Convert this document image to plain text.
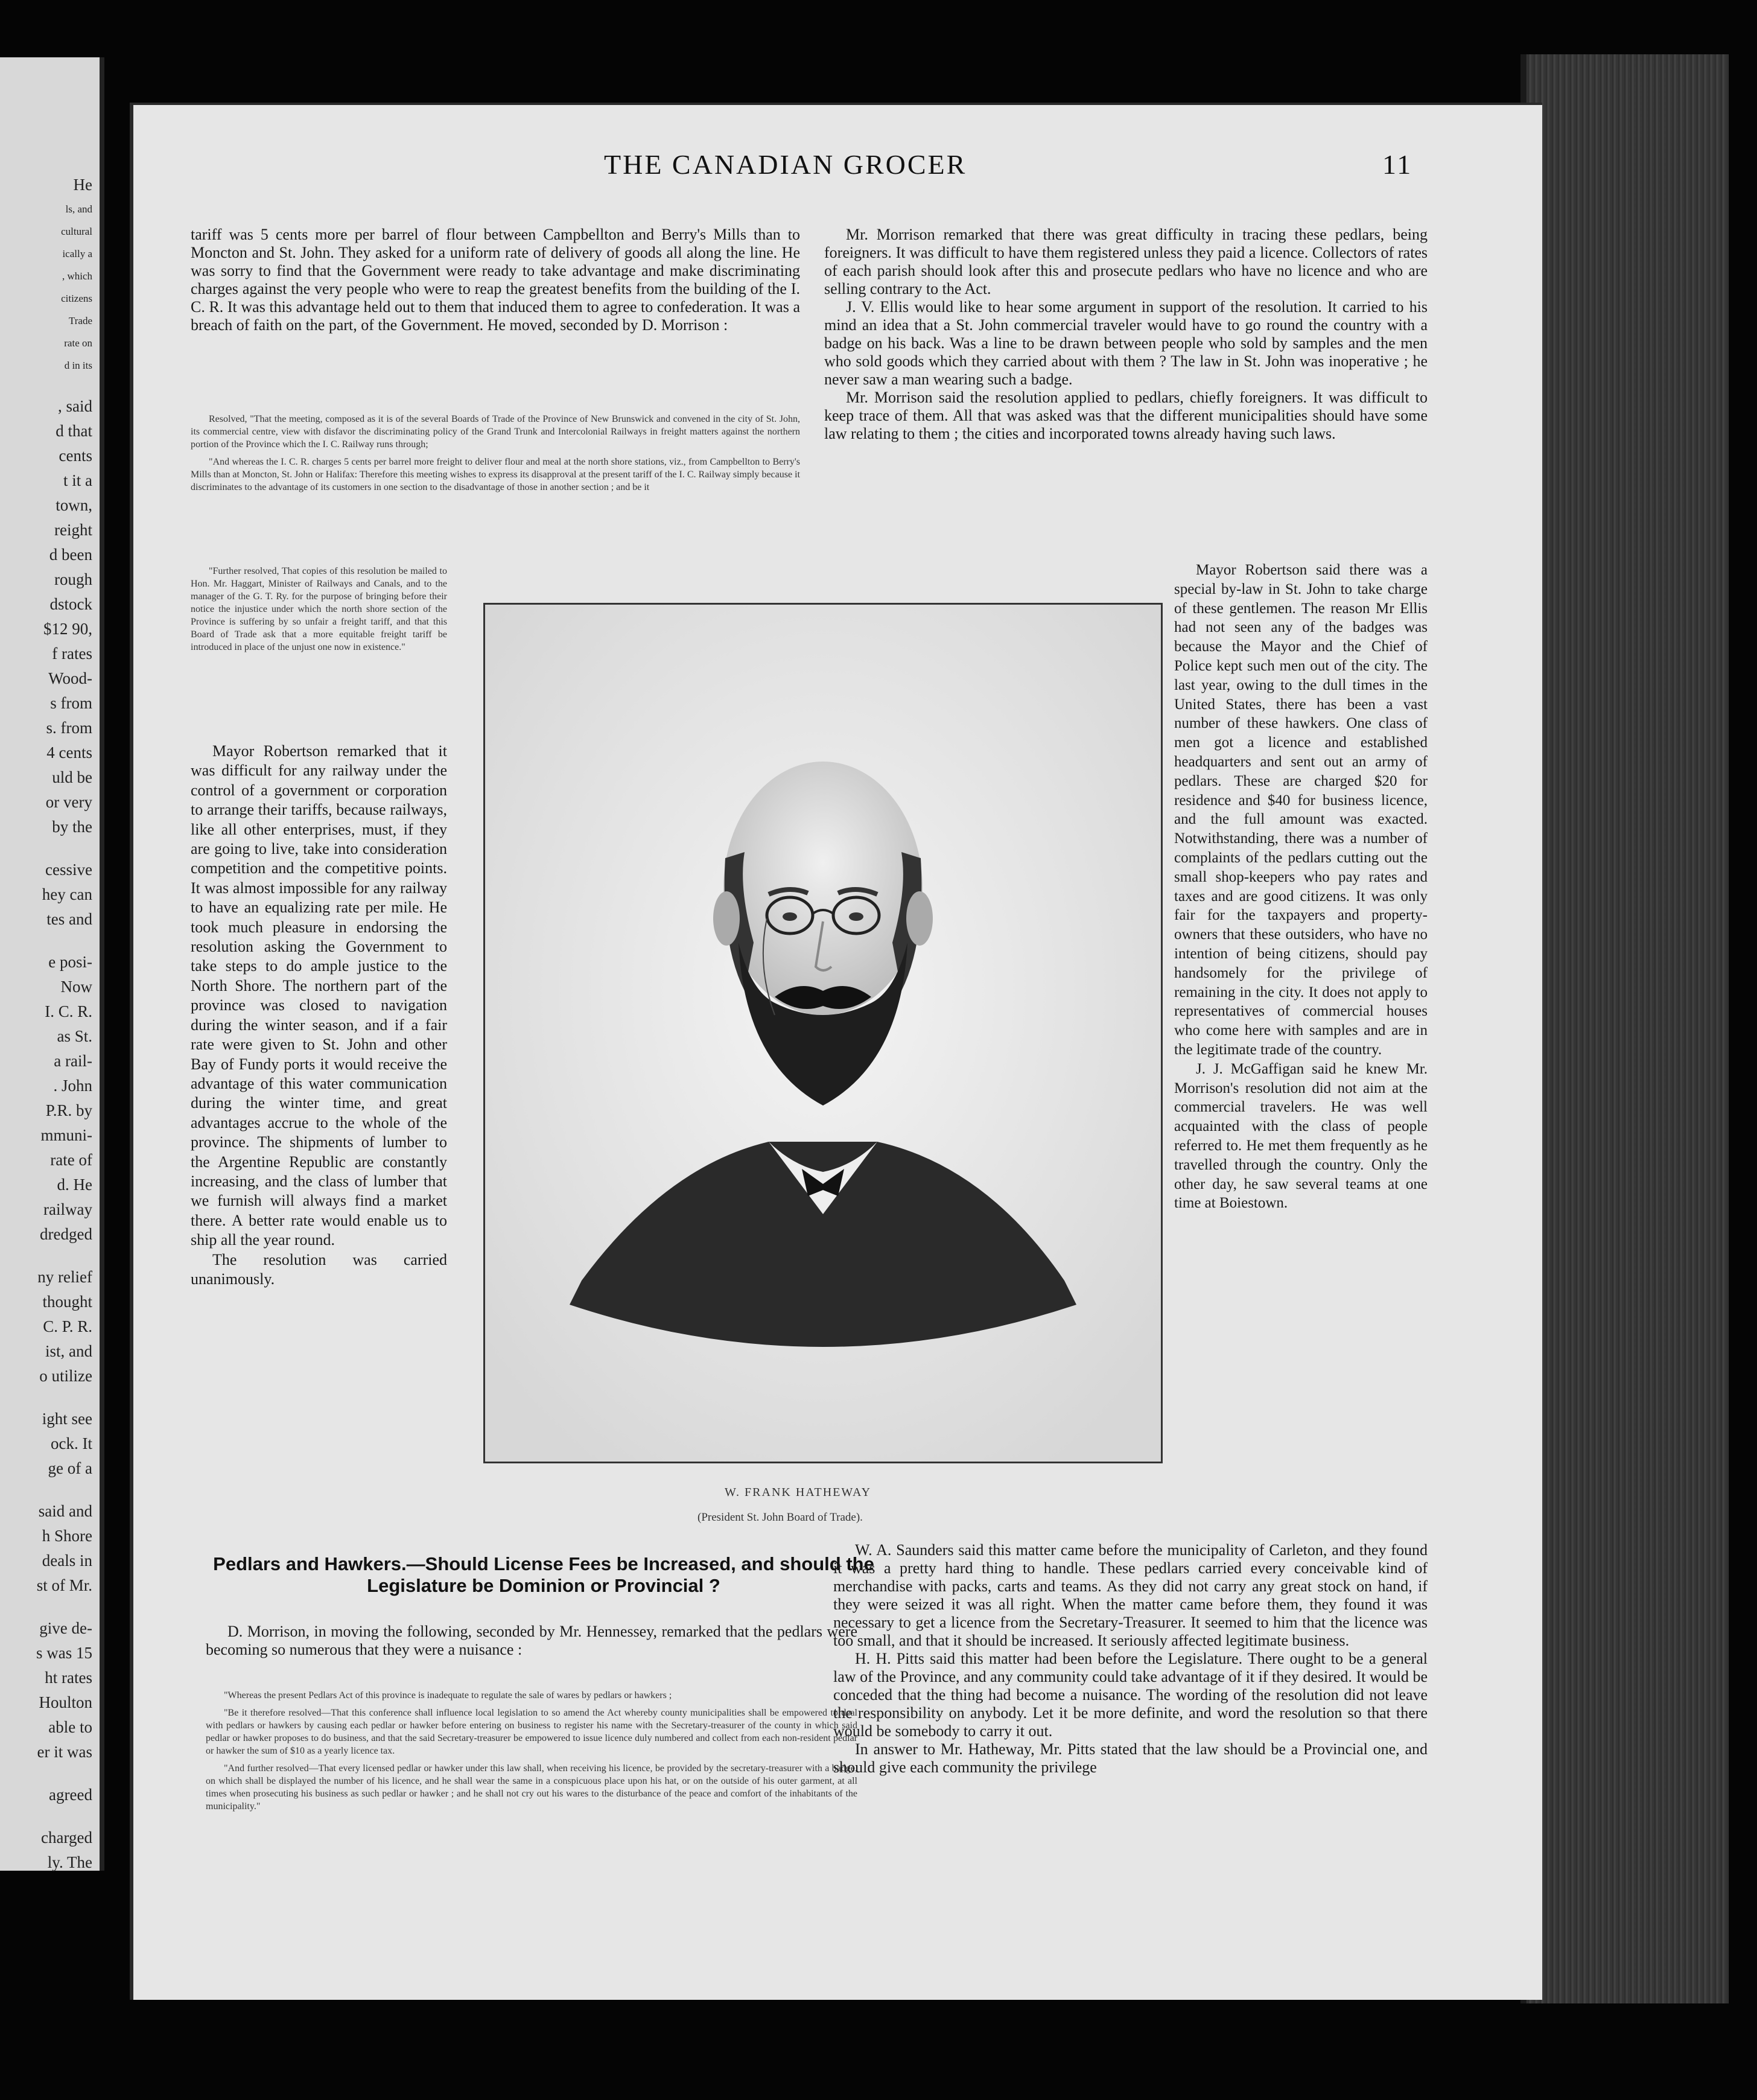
He
ls, and
cultural
ically a
, which
citizens
Trade
rate on
d in its
, said
d that
cents
t it a
town,
reight
d been
rough
dstock
$12 90,
f rates
Wood-
s from
s. from
4 cents
uld be
or very
by the
cessive
hey can
tes and
e posi-
Now
I. C. R.
as St.
a rail-
. John
P.R. by
mmuni-
rate of
d. He
railway
dredged
ny relief
thought
C. P. R.
ist, and
o utilize
ight see
ock. It
ge of a
said and
h Shore
deals in
st of Mr.
give de-
s was 15
ht rates
Houlton
able to
er it was
agreed
charged
ly. The
THE CANADIAN GROCER	11

tariff was 5 cents more per barrel of flour between Campbellton and Berry's Mills than to Moncton and St. John. They asked for a uniform rate of delivery of goods all along the line. He was sorry to find that the Government were ready to take advantage and make discriminating charges against the very people who were to reap the greatest benefits from the building of the I. C. R. It was this advantage held out to them that induced them to agree to confederation. It was a breach of faith on the part, of the Government. He moved, seconded by D. Morrison :

Resolved, "That the meeting, composed as it is of the several Boards of Trade of the Province of New Brunswick and convened in the city of St. John, its commercial centre, view with disfavor the discriminating policy of the Grand Trunk and Intercolonial Railways in freight matters against the northern portion of the Province which the I. C. Railway runs through;

"And whereas the I. C. R. charges 5 cents per barrel more freight to deliver flour and meal at the north shore stations, viz., from Campbellton to Berry's Mills than at Moncton, St. John or Halifax: Therefore this meeting wishes to express its disapproval at the present tariff of the I. C. Railway simply because it discriminates to the advantage of its customers in one section to the disadvantage of those in another section ; and be it

"Further resolved, That copies of this resolution be mailed to Hon. Mr. Haggart, Minister of Railways and Canals, and to the manager of the G. T. Ry. for the purpose of bringing before their notice the injustice under which the north shore section of the Province is suffering by so unfair a freight tariff, and that this Board of Trade ask that a more equitable freight tariff be introduced in place of the unjust one now in existence."

Mayor Robertson remarked that it was difficult for any railway under the control of a government or corporation to arrange their tariffs, because railways, like all other enterprises, must, if they are going to live, take into consideration competition and the competitive points. It was almost impossible for any railway to have an equalizing rate per mile. He took much pleasure in endorsing the resolution asking the Government to take steps to do ample justice to the North Shore. The northern part of the province was closed to navigation during the winter season, and if a fair rate were given to St. John and other Bay of Fundy ports it would receive the advantage of this water communication during the winter time, and great advantages accrue to the whole of the province. The shipments of lumber to the Argentine Republic are constantly increasing, and the class of lumber that we furnish will always find a market there. A better rate would enable us to ship all the year round.

The resolution was carried unanimously.

W. FRANK HATHEWAY
(President St. John Board of Trade).
Pedlars and Hawkers.—Should License Fees be Increased, and should the Legislature be Dominion or Provincial ?

D. Morrison, in moving the following, seconded by Mr. Hennessey, remarked that the pedlars were becoming so numerous that they were a nuisance :

"Whereas the present Pedlars Act of this province is inadequate to regulate the sale of wares by pedlars or hawkers ;

"Be it therefore resolved—That this conference shall influence local legislation to so amend the Act whereby county municipalities shall be empowered to deal with pedlars or hawkers by causing each pedlar or hawker before entering on business to register his name with the Secretary-treasurer of the county in which said pedlar or hawker proposes to do business, and that the said Secretary-treasurer be empowered to issue licence duly numbered and collect from each non-resident pedlar or hawker the sum of $10 as a yearly licence tax.

"And further resolved—That every licensed pedlar or hawker under this law shall, when receiving his licence, be provided by the secretary-treasurer with a badge, on which shall be displayed the number of his licence, and he shall wear the same in a conspicuous place upon his hat, or on the outside of his outer garment, at all times when prosecuting his business as such pedlar or hawker ; and he shall not cry out his wares to the disturbance of the peace and comfort of the inhabitants of the municipality."

Mr. Morrison remarked that there was great difficulty in tracing these pedlars, being foreigners. It was difficult to have them registered unless they paid a licence. Collectors of rates of each parish should look after this and prosecute pedlars who have no licence and who are selling contrary to the Act.

J. V. Ellis would like to hear some argument in support of the resolution. It carried to his mind an idea that a St. John commercial traveler would have to go round the country with a badge on his back. Was a line to be drawn between people who sold by samples and the men who sold goods which they carried about with them ? The law in St. John was inoperative ; he never saw a man wearing such a badge.

Mr. Morrison said the resolution applied to pedlars, chiefly foreigners. It was difficult to keep trace of them. All that was asked was that the different municipalities should have some law relating to them ; the cities and incorporated towns already having such laws.

Mayor Robertson said there was a special by-law in St. John to take charge of these gentlemen. The reason Mr Ellis had not seen any of the badges was because the Mayor and the Chief of Police kept such men out of the city. The last year, owing to the dull times in the United States, there has been a vast number of these hawkers. One class of men got a licence and established headquarters and sent out an army of pedlars. These are charged $20 for residence and $40 for business licence, and the full amount was exacted. Notwithstanding, there was a number of complaints of the pedlars cutting out the small shop-keepers who pay rates and taxes and are good citizens. It was only fair for the taxpayers and property-owners that these outsiders, who have no intention of being citizens, should pay handsomely for the privilege of remaining in the city. It does not apply to representatives of commercial houses who come here with samples and are in the legitimate trade of the country.

J. J. McGaffigan said he knew Mr. Morrison's resolution did not aim at the commercial travelers. He was well acquainted with the class of people referred to. He met them frequently as he travelled through the country. Only the other day, he saw several teams at one time at Boiestown.

W. A. Saunders said this matter came before the municipality of Carleton, and they found it was a pretty hard thing to handle. These pedlars carried every conceivable kind of merchandise with packs, carts and teams. As they did not carry any great stock on hand, if they were seized it was all right. When the matter came before them, they found it was necessary to get a licence from the Secretary-Treasurer. It seemed to him that the licence was too small, and that it should be increased. It seriously affected legitimate business.

H. H. Pitts said this matter had been before the Legislature. There ought to be a general law of the Province, and any community could take advantage of it if they desired. It would be conceded that the thing had become a nuisance. The wording of the resolution did not leave the responsibility on anybody. Let it be more definite, and word the resolution so that there would be somebody to carry it out.

In answer to Mr. Hatheway, Mr. Pitts stated that the law should be a Provincial one, and should give each community the privilege
